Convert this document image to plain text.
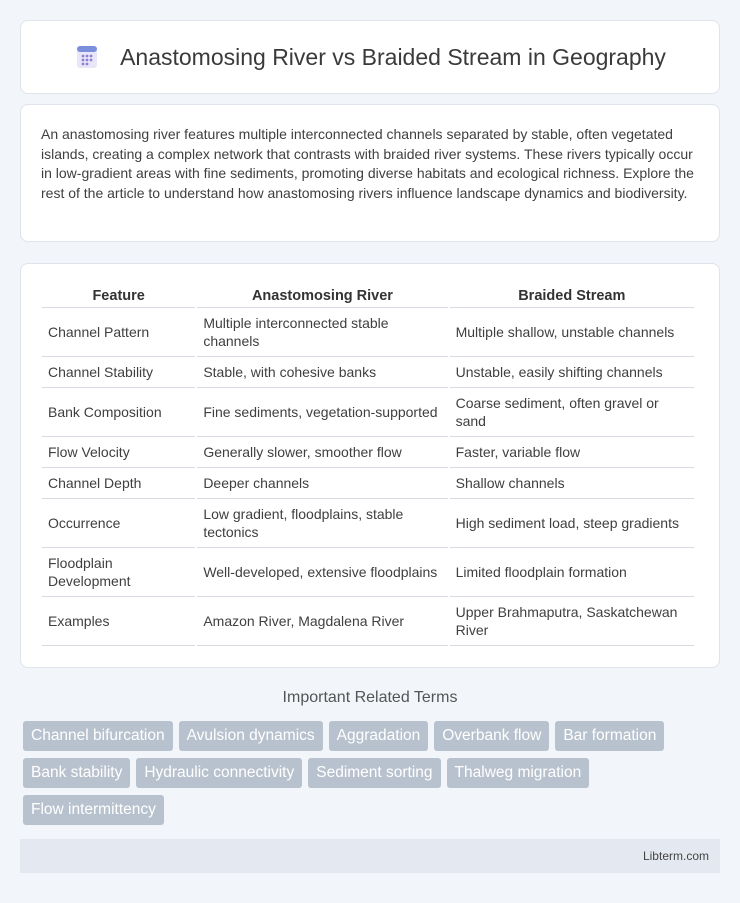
Anastomosing River vs Braided Stream in Geography

An anastomosing river features multiple interconnected channels separated by stable, often vegetated islands, creating a complex network that contrasts with braided river systems. These rivers typically occur in low-gradient areas with fine sediments, promoting diverse habitats and ecological richness. Explore the rest of the article to understand how anastomosing rivers influence landscape dynamics and biodiversity.

Feature	Anastomosing River	Braided Stream
Channel Pattern	Multiple interconnected stable channels	Multiple shallow, unstable channels
Channel Stability	Stable, with cohesive banks	Unstable, easily shifting channels
Bank Composition	Fine sediments, vegetation-supported	Coarse sediment, often gravel or sand
Flow Velocity	Generally slower, smoother flow	Faster, variable flow
Channel Depth	Deeper channels	Shallow channels
Occurrence	Low gradient, floodplains, stable tectonics	High sediment load, steep gradients
Floodplain Development	Well-developed, extensive floodplains	Limited floodplain formation
Examples	Amazon River, Magdalena River	Upper Brahmaputra, Saskatchewan River
Important Related Terms
Channel bifurcation	Avulsion dynamics	Aggradation	Overbank flow	Bar formation
Bank stability	Hydraulic connectivity	Sediment sorting	Thalweg migration
Flow intermittency
Libterm.com
